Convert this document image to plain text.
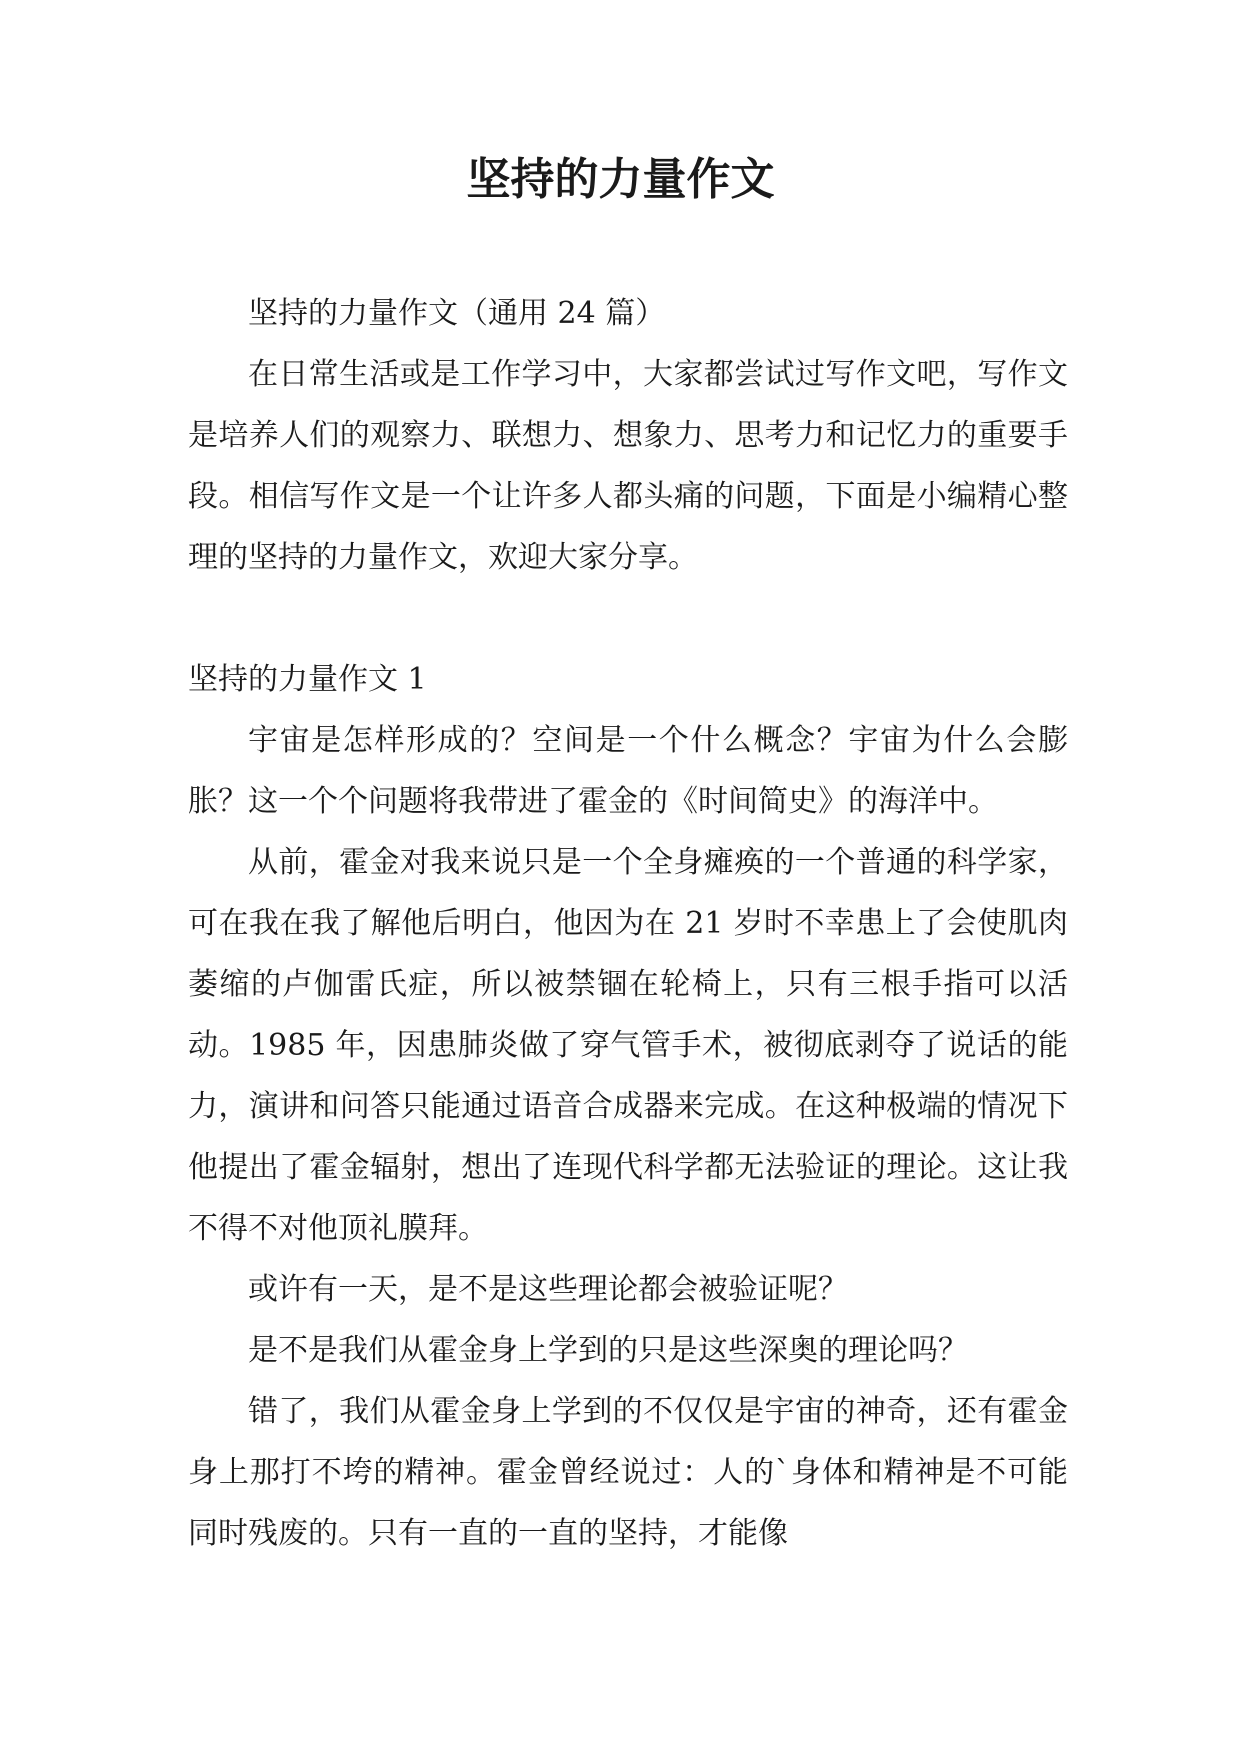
坚持的力量作文

坚持的力量作文（通用 24 篇）

在日常生活或是工作学习中，大家都尝试过写作文吧，写作文是培养人们的观察力、联想力、想象力、思考力和记忆力的重要手段。相信写作文是一个让许多人都头痛的问题，下面是小编精心整理的坚持的力量作文，欢迎大家分享。

坚持的力量作文 1

宇宙是怎样形成的？空间是一个什么概念？宇宙为什么会膨胀？这一个个问题将我带进了霍金的《时间简史》的海洋中。

从前，霍金对我来说只是一个全身瘫痪的一个普通的科学家，可在我在我了解他后明白，他因为在 21 岁时不幸患上了会使肌肉萎缩的卢伽雷氏症，所以被禁锢在轮椅上，只有三根手指可以活动。1985 年，因患肺炎做了穿气管手术，被彻底剥夺了说话的能力，演讲和问答只能通过语音合成器来完成。在这种极端的情况下他提出了霍金辐射，想出了连现代科学都无法验证的理论。这让我不得不对他顶礼膜拜。

或许有一天，是不是这些理论都会被验证呢？

是不是我们从霍金身上学到的只是这些深奥的理论吗？

错了，我们从霍金身上学到的不仅仅是宇宙的神奇，还有霍金身上那打不垮的精神。霍金曾经说过：人的`身体和精神是不可能同时残废的。只有一直的一直的坚持，才能像
